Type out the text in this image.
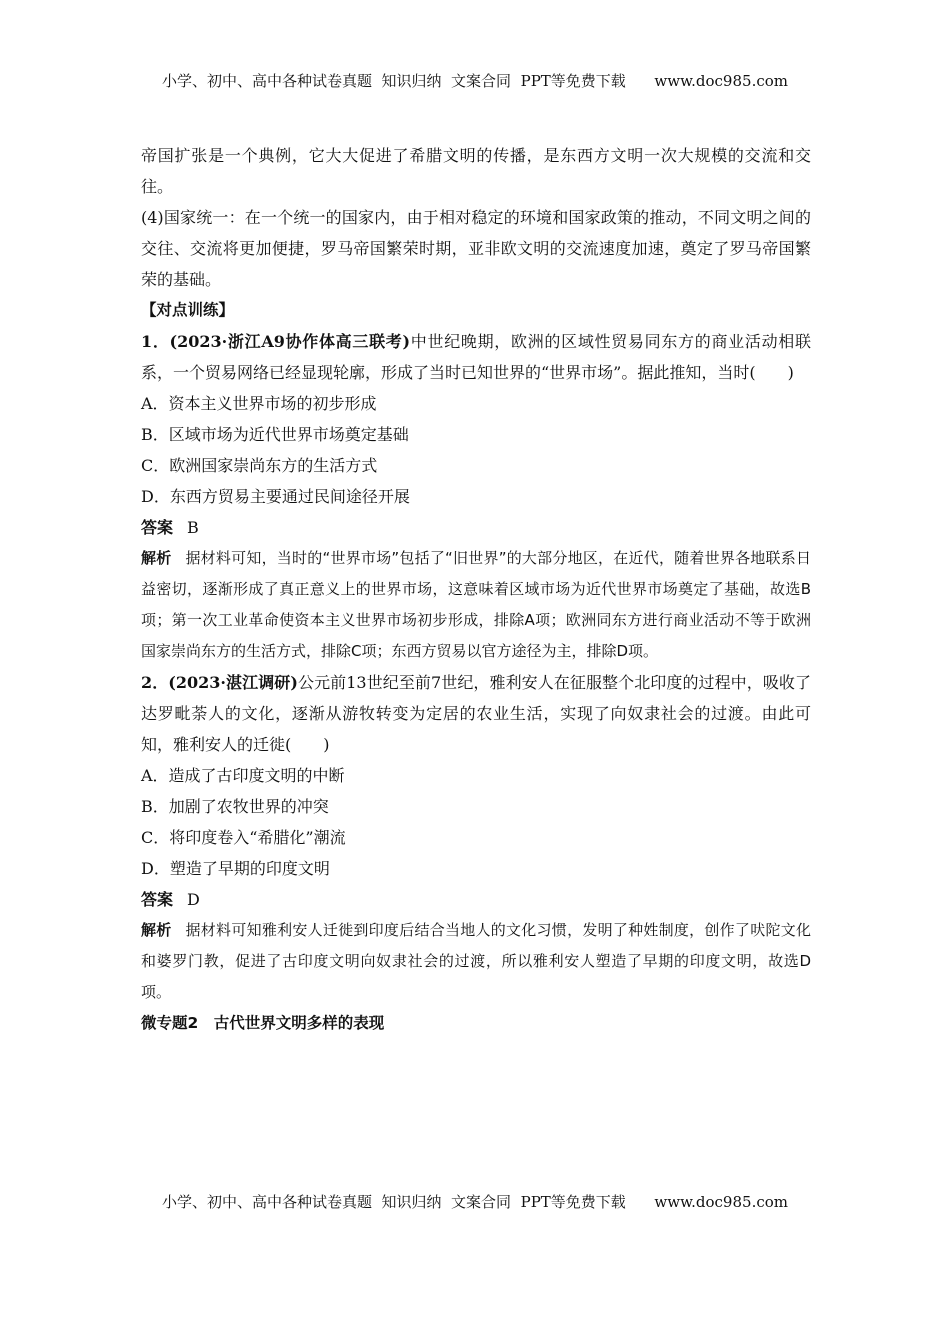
小学、初中、高中各种试卷真题  知识归纳  文案合同  PPT等免费下载      www.doc985.com

帝国扩张是一个典例，它大大促进了希腊文明的传播，是东西方文明一次大规模的交流和交往。

(4)国家统一：在一个统一的国家内，由于相对稳定的环境和国家政策的推动，不同文明之间的交往、交流将更加便捷，罗马帝国繁荣时期，亚非欧文明的交流速度加速，奠定了罗马帝国繁荣的基础。

【对点训练】

1．(2023·浙江A9协作体高三联考)中世纪晚期，欧洲的区域性贸易同东方的商业活动相联系，一个贸易网络已经显现轮廓，形成了当时已知世界的“世界市场”。据此推知，当时(　　)

A．资本主义世界市场的初步形成

B．区域市场为近代世界市场奠定基础

C．欧洲国家崇尚东方的生活方式

D．东西方贸易主要通过民间途径开展

答案 B

解析 据材料可知，当时的“世界市场”包括了“旧世界”的大部分地区，在近代，随着世界各地联系日益密切，逐渐形成了真正意义上的世界市场，这意味着区域市场为近代世界市场奠定了基础，故选B项；第一次工业革命使资本主义世界市场初步形成，排除A项；欧洲同东方进行商业活动不等于欧洲国家崇尚东方的生活方式，排除C项；东西方贸易以官方途径为主，排除D项。

2．(2023·湛江调研)公元前13世纪至前7世纪，雅利安人在征服整个北印度的过程中，吸收了达罗毗荼人的文化，逐渐从游牧转变为定居的农业生活，实现了向奴隶社会的过渡。由此可知，雅利安人的迁徙(　　)

A．造成了古印度文明的中断

B．加剧了农牧世界的冲突

C．将印度卷入“希腊化”潮流

D．塑造了早期的印度文明

答案 D

解析 据材料可知雅利安人迁徙到印度后结合当地人的文化习惯，发明了种姓制度，创作了吠陀文化和婆罗门教，促进了古印度文明向奴隶社会的过渡，所以雅利安人塑造了早期的印度文明，故选D项。

微专题2　古代世界文明多样的表现

小学、初中、高中各种试卷真题  知识归纳  文案合同  PPT等免费下载      www.doc985.com
